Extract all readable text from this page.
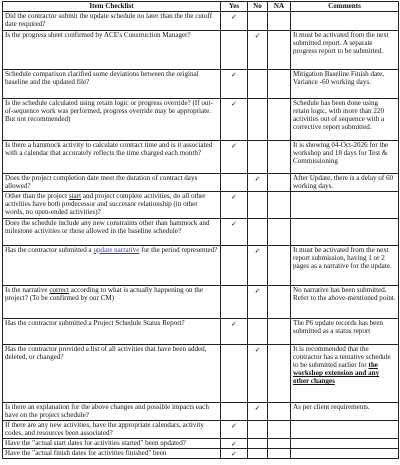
Item Checklist	Yes	No	NA	Comments
Did the contractor submit the update schedule no later than the the cutoff date required?	✓			
Is the progress sheet confirmed by ACE's Construction Manager?		✓		It must be activated from the next submitted report. A separate progress report to be submitted.
Schedule comparison clarified some deviations between the original baseline and the updated file?	✓			Mitigation Baseline Finish date, Variance -60 working days.
Is the schedule calculated using retain logic or progress override? (If out-of-sequence work was performed, progress override may be appropriate. But not recommended)	✓			Schedule has been done using retain logic, with more than 220 activities out of sequence with a corrective report submitted.
Is there a hammock activity to calculate contract time and is it associated with a calendar that accurately reflects the time charged each month?	✓			It is showing 04-Oct-2026 for the workshop and 18 days for Test & Commissioning
Does the project completion date meet the duration of contract days allowed?		✓		After Update, there is a delay of 60 working days.
Other than the project start and project complete activities, do all other activities have both predecessor and successor relationship (in other words, no open-ended activities)?	✓			
Does the schedule include any new constraints other than hammock and milestone activities or those allowed in the baseline schedule?	✓			
Has the contractor submitted a update narrative for the period represented?		✓		It must be activated from the next report submission, having 1 or 2 pages as a narrative for the update.
Is the narrative correct according to what is actually happening on the project? (To be confirmed by our CM)		✓		No narrative has been submitted. Refer to the above-mentioned point.
Has the contractor submitted a Project Schedule Status Report?	✓			The P6 update records has been submitted as a status report
Has the contractor provided a list of all activities that have been added, deleted, or changed?		✓		It is recommended that the contractor has a tentative schedule to be submitted earlier for the workshop extension and any other changes
Is there an explanation for the above changes and possible impacts each have on the project schedule?		✓		As per client requirements.
If there are any new activities, have the appropriate calendars, activity codes, and resources been associated?	✓			
Have the "actual start dates for activities started" been updated?	✓			
Have the "actual finish dates for activities finished" been	✓			
